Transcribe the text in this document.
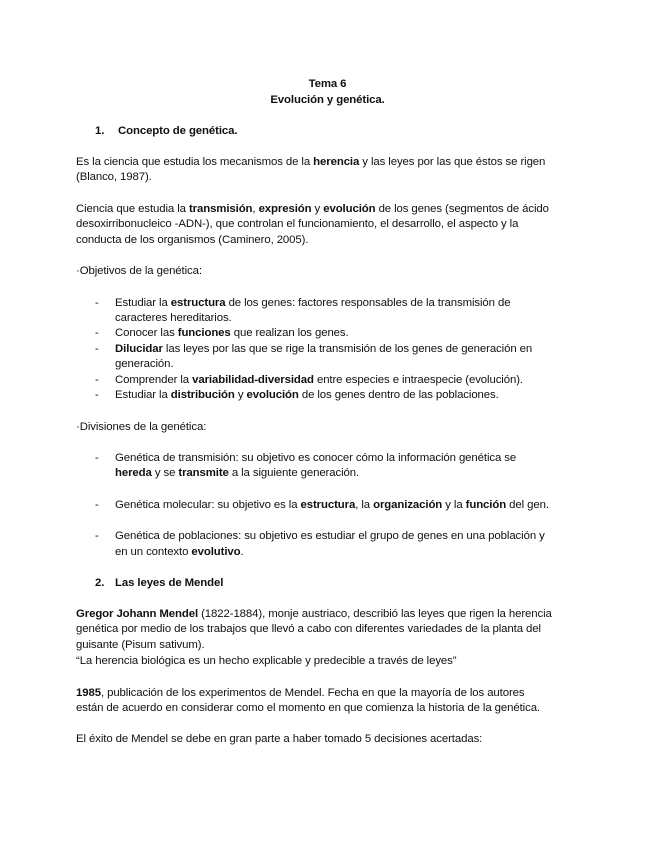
Tema 6
Evolución y genética.
1. Concepto de genética.
Es la ciencia que estudia los mecanismos de la herencia y las leyes por las que éstos se rigen
(Blanco, 1987).
Ciencia que estudia la transmisión, expresión y evolución de los genes (segmentos de ácido
desoxirribonucleico -ADN-), que controlan el funcionamiento, el desarrollo, el aspecto y la
conducta de los organismos (Caminero, 2005).
·Objetivos de la genética:
- Estudiar la estructura de los genes: factores responsables de la transmisión de
caracteres hereditarios.
- Conocer las funciones que realizan los genes.
- Dilucidar las leyes por las que se rige la transmisión de los genes de generación en
generación.
- Comprender la variabilidad-diversidad entre especies e intraespecie (evolución).
- Estudiar la distribución y evolución de los genes dentro de las poblaciones.
·Divisiones de la genética:
- Genética de transmisión: su objetivo es conocer cómo la información genética se
hereda y se transmite a la siguiente generación.
- Genética molecular: su objetivo es la estructura, la organización y la función del gen.
- Genética de poblaciones: su objetivo es estudiar el grupo de genes en una población y
en un contexto evolutivo.
2. Las leyes de Mendel
Gregor Johann Mendel (1822-1884), monje austriaco, describió las leyes que rigen la herencia
genética por medio de los trabajos que llevó a cabo con diferentes variedades de la planta del
guisante (Pisum sativum).
“La herencia biológica es un hecho explicable y predecible a través de leyes”
1985, publicación de los experimentos de Mendel. Fecha en que la mayoría de los autores
están de acuerdo en considerar como el momento en que comienza la historia de la genética.
El éxito de Mendel se debe en gran parte a haber tomado 5 decisiones acertadas:
